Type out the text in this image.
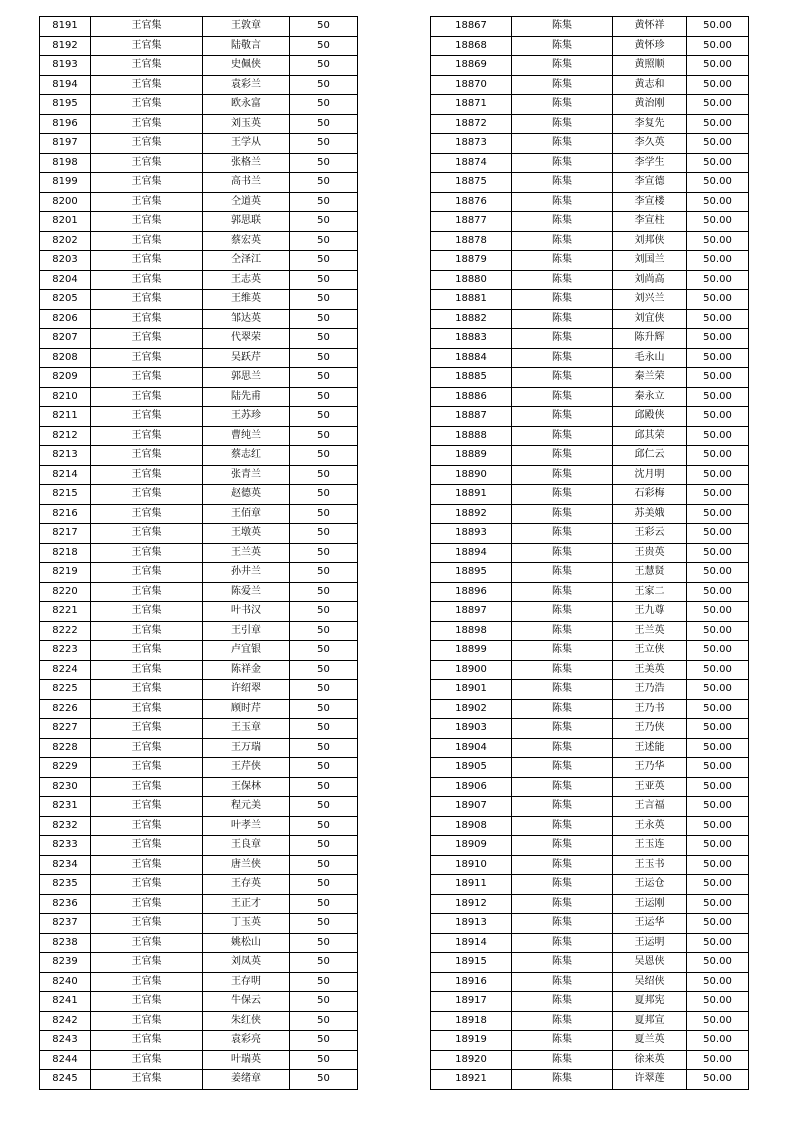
8191	王官集	王敦章	50
8192	王官集	陆敬言	50
8193	王官集	史佩侠	50
8194	王官集	袁彩兰	50
8195	王官集	欧永富	50
8196	王官集	刘玉英	50
8197	王官集	王学从	50
8198	王官集	张格兰	50
8199	王官集	高书兰	50
8200	王官集	仝道英	50
8201	王官集	郭思联	50
8202	王官集	蔡宏英	50
8203	王官集	仝泽江	50
8204	王官集	王志英	50
8205	王官集	王维英	50
8206	王官集	邹达英	50
8207	王官集	代翠荣	50
8208	王官集	吴跃芹	50
8209	王官集	郭思兰	50
8210	王官集	陆先甫	50
8211	王官集	王苏珍	50
8212	王官集	曹纯兰	50
8213	王官集	蔡志红	50
8214	王官集	张青兰	50
8215	王官集	赵德英	50
8216	王官集	王佰章	50
8217	王官集	王墩英	50
8218	王官集	王兰英	50
8219	王官集	孙井兰	50
8220	王官集	陈爱兰	50
8221	王官集	叶书汉	50
8222	王官集	王引章	50
8223	王官集	卢宜银	50
8224	王官集	陈祥金	50
8225	王官集	许绍翠	50
8226	王官集	顾时芹	50
8227	王官集	王玉章	50
8228	王官集	王万瑞	50
8229	王官集	王芹侠	50
8230	王官集	王保林	50
8231	王官集	程元美	50
8232	王官集	叶孝兰	50
8233	王官集	王良章	50
8234	王官集	唐兰侠	50
8235	王官集	王存英	50
8236	王官集	王正才	50
8237	王官集	丁玉英	50
8238	王官集	姚松山	50
8239	王官集	刘凤英	50
8240	王官集	王存明	50
8241	王官集	牛保云	50
8242	王官集	朱红侠	50
8243	王官集	袁彩亮	50
8244	王官集	叶瑞英	50
8245	王官集	姜绪章	50
18867	陈集	黄怀祥	50.00
18868	陈集	黄怀珍	50.00
18869	陈集	黄照顺	50.00
18870	陈集	黄志和	50.00
18871	陈集	黄治刚	50.00
18872	陈集	李复先	50.00
18873	陈集	李久英	50.00
18874	陈集	李学生	50.00
18875	陈集	李宣德	50.00
18876	陈集	李宣楼	50.00
18877	陈集	李宣柱	50.00
18878	陈集	刘邦侠	50.00
18879	陈集	刘国兰	50.00
18880	陈集	刘尚高	50.00
18881	陈集	刘兴兰	50.00
18882	陈集	刘宜侠	50.00
18883	陈集	陈升辉	50.00
18884	陈集	毛永山	50.00
18885	陈集	秦兰荣	50.00
18886	陈集	秦永立	50.00
18887	陈集	邱殿侠	50.00
18888	陈集	邱其荣	50.00
18889	陈集	邱仁云	50.00
18890	陈集	沈月明	50.00
18891	陈集	石彩梅	50.00
18892	陈集	苏美娥	50.00
18893	陈集	王彩云	50.00
18894	陈集	王贵英	50.00
18895	陈集	王慧贤	50.00
18896	陈集	王家二	50.00
18897	陈集	王九尊	50.00
18898	陈集	王兰英	50.00
18899	陈集	王立侠	50.00
18900	陈集	王美英	50.00
18901	陈集	王乃浩	50.00
18902	陈集	王乃书	50.00
18903	陈集	王乃侠	50.00
18904	陈集	王述能	50.00
18905	陈集	王乃华	50.00
18906	陈集	王亚英	50.00
18907	陈集	王言福	50.00
18908	陈集	王永英	50.00
18909	陈集	王玉连	50.00
18910	陈集	王玉书	50.00
18911	陈集	王运仓	50.00
18912	陈集	王运刚	50.00
18913	陈集	王运华	50.00
18914	陈集	王运明	50.00
18915	陈集	吴恩侠	50.00
18916	陈集	吴绍侠	50.00
18917	陈集	夏邦宪	50.00
18918	陈集	夏邦宣	50.00
18919	陈集	夏兰英	50.00
18920	陈集	徐来英	50.00
18921	陈集	许翠莲	50.00
